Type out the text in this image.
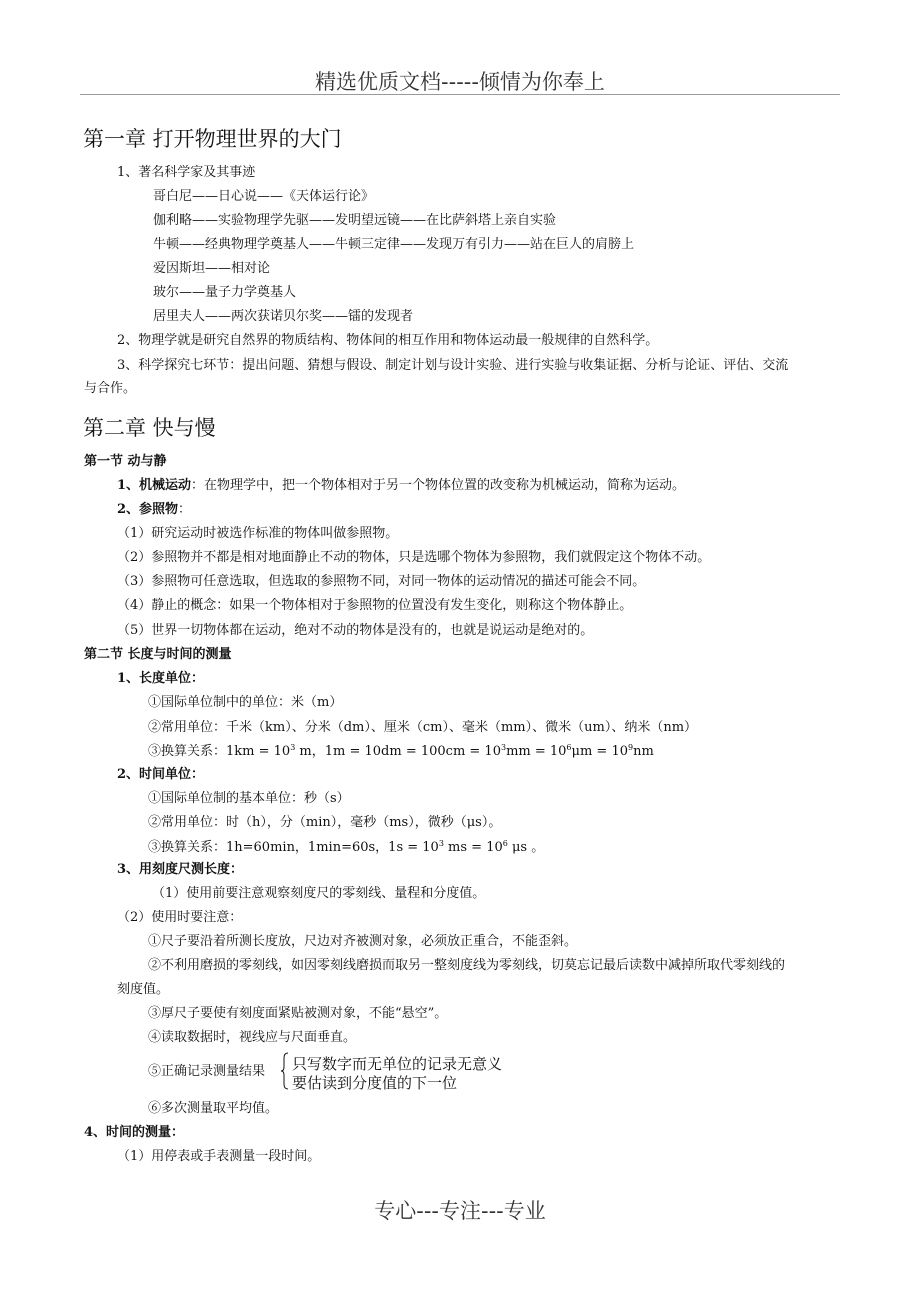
精选优质文档-----倾情为你奉上
第一章 打开物理世界的大门
1、著名科学家及其事迹
哥白尼——日心说——《天体运行论》
伽利略——实验物理学先驱——发明望远镜——在比萨斜塔上亲自实验
牛顿——经典物理学奠基人——牛顿三定律——发现万有引力——站在巨人的肩膀上
爱因斯坦——相对论
玻尔——量子力学奠基人
居里夫人——两次获诺贝尔奖——镭的发现者
2、物理学就是研究自然界的物质结构、物体间的相互作用和物体运动最一般规律的自然科学。
3、科学探究七环节：提出问题、猜想与假设、制定计划与设计实验、进行实验与收集证据、分析与论证、评估、交流
与合作。
第二章 快与慢
第一节 动与静
1、机械运动：在物理学中，把一个物体相对于另一个物体位置的改变称为机械运动，简称为运动。
2、参照物：
（1）研究运动时被选作标准的物体叫做参照物。
（2）参照物并不都是相对地面静止不动的物体，只是选哪个物体为参照物，我们就假定这个物体不动。
（3）参照物可任意选取，但选取的参照物不同，对同一物体的运动情况的描述可能会不同。
（4）静止的概念：如果一个物体相对于参照物的位置没有发生变化，则称这个物体静止。
（5）世界一切物体都在运动，绝对不动的物体是没有的，也就是说运动是绝对的。
第二节 长度与时间的测量
1、长度单位：
①国际单位制中的单位：米（m）
②常用单位：千米（km）、分米（dm）、厘米（cm）、毫米（mm）、微米（um）、纳米（nm）
③换算关系：$1km = 10^3$ m，$1m = 10dm = 100cm = 10^3mm = 10^6\mu m = 10^9nm$
2、时间单位：
①国际单位制的基本单位：秒（s）
②常用单位：时（h），分（min），毫秒（ms），微秒（μs）。
③换算关系：1h=60min，1min=60s，$1s = 10^3$ ms = $10^6$ μs 。
3、用刻度尺测长度：
（1）使用前要注意观察刻度尺的零刻线、量程和分度值。
（2）使用时要注意：
①尺子要沿着所测长度放，尺边对齐被测对象，必须放正重合，不能歪斜。
②不利用磨损的零刻线，如因零刻线磨损而取另一整刻度线为零刻线，切莫忘记最后读数中减掉所取代零刻线的
刻度值。
③厚尺子要使有刻度面紧贴被测对象，不能“悬空”。
④读取数据时，视线应与尺面垂直。
⑤正确记录测量结果 只写数字而无单位的记录无意义
要估读到分度值的下一位
⑥多次测量取平均值。
4、时间的测量：
（1）用停表或手表测量一段时间。
专心---专注---专业
